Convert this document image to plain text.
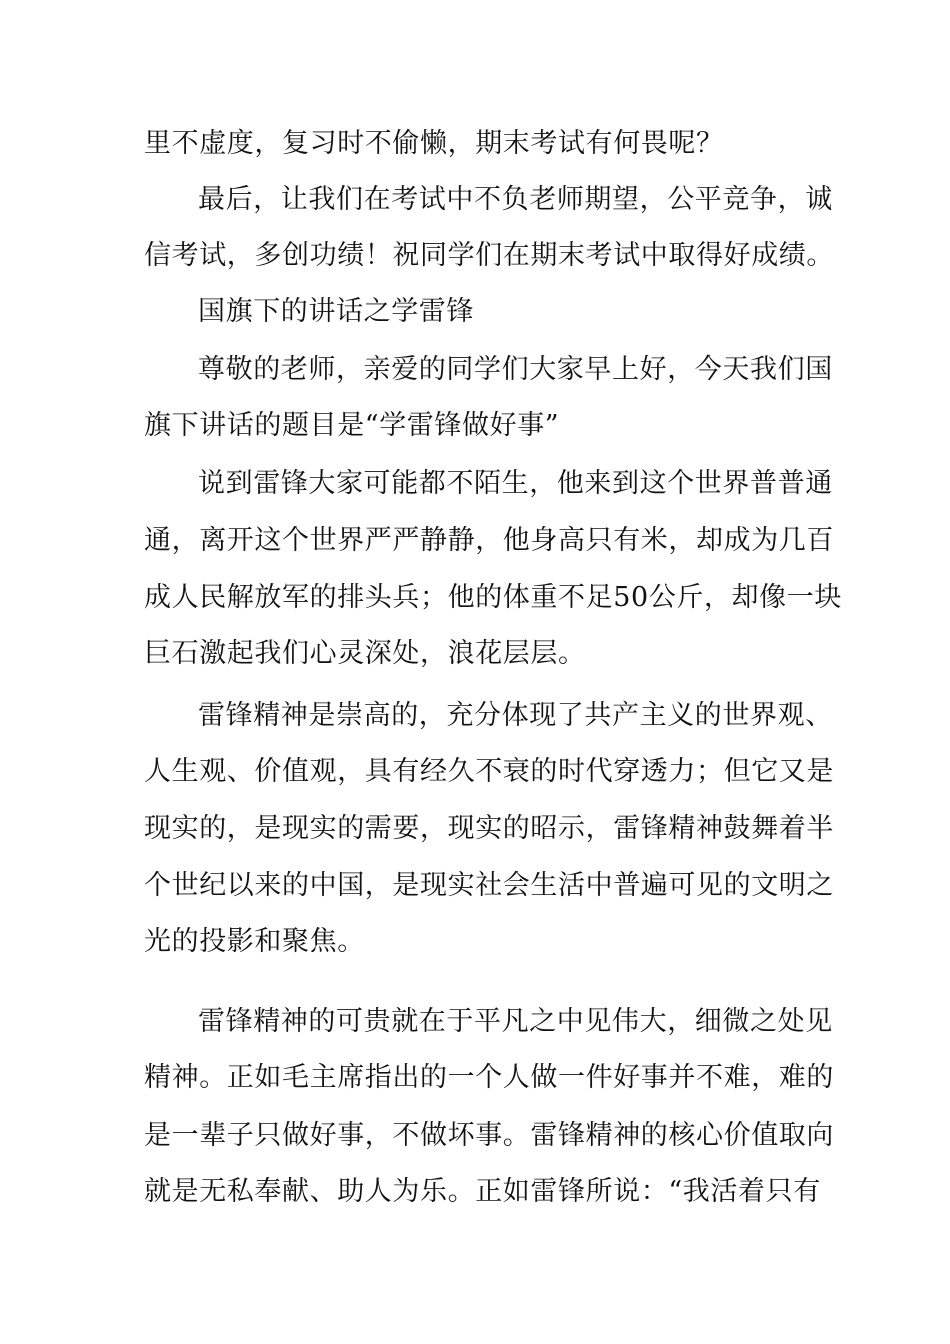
里不虚度，复习时不偷懒，期末考试有何畏呢？
最后，让我们在考试中不负老师期望，公平竞争，诚
信考试，多创功绩！祝同学们在期末考试中取得好成绩。
国旗下的讲话之学雷锋
尊敬的老师，亲爱的同学们大家早上好，今天我们国
旗下讲话的题目是“学雷锋做好事”
说到雷锋大家可能都不陌生，他来到这个世界普普通
通，离开这个世界严严静静，他身高只有米，却成为几百
成人民解放军的排头兵；他的体重不足50公斤，却像一块
巨石激起我们心灵深处，浪花层层。
雷锋精神是崇高的，充分体现了共产主义的世界观、
人生观、价值观，具有经久不衰的时代穿透力；但它又是
现实的，是现实的需要，现实的昭示，雷锋精神鼓舞着半
个世纪以来的中国，是现实社会生活中普遍可见的文明之
光的投影和聚焦。
雷锋精神的可贵就在于平凡之中见伟大，细微之处见
精神。正如毛主席指出的一个人做一件好事并不难，难的
是一辈子只做好事，不做坏事。雷锋精神的核心价值取向
就是无私奉献、助人为乐。正如雷锋所说：“我活着只有
